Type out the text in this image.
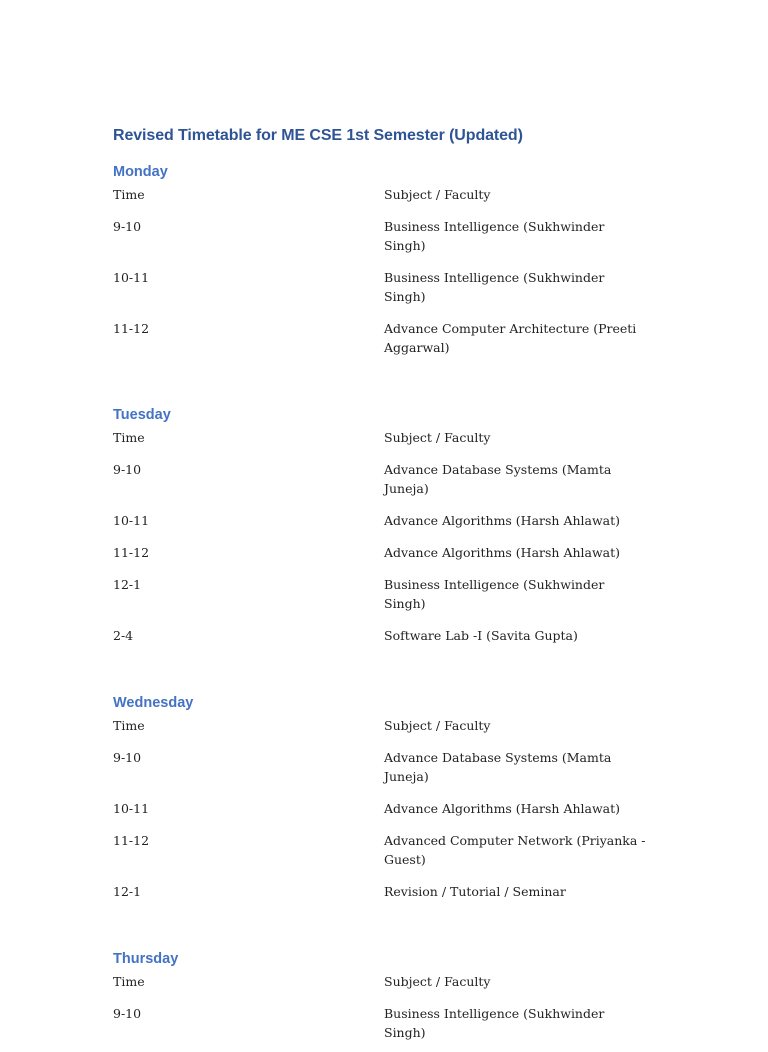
Revised Timetable for ME CSE 1st Semester (Updated)
Monday
Time	Subject / Faculty
9-10	Business Intelligence (Sukhwinder Singh)
10-11	Business Intelligence (Sukhwinder Singh)
11-12	Advance Computer Architecture (Preeti Aggarwal)
Tuesday
Time	Subject / Faculty
9-10	Advance Database Systems (Mamta Juneja)
10-11	Advance Algorithms (Harsh Ahlawat)
11-12	Advance Algorithms (Harsh Ahlawat)
12-1	Business Intelligence (Sukhwinder Singh)
2-4	Software Lab -I (Savita Gupta)
Wednesday
Time	Subject / Faculty
9-10	Advance Database Systems (Mamta Juneja)
10-11	Advance Algorithms (Harsh Ahlawat)
11-12	Advanced Computer Network (Priyanka - Guest)
12-1	Revision / Tutorial / Seminar
Thursday
Time	Subject / Faculty
9-10	Business Intelligence (Sukhwinder Singh)
